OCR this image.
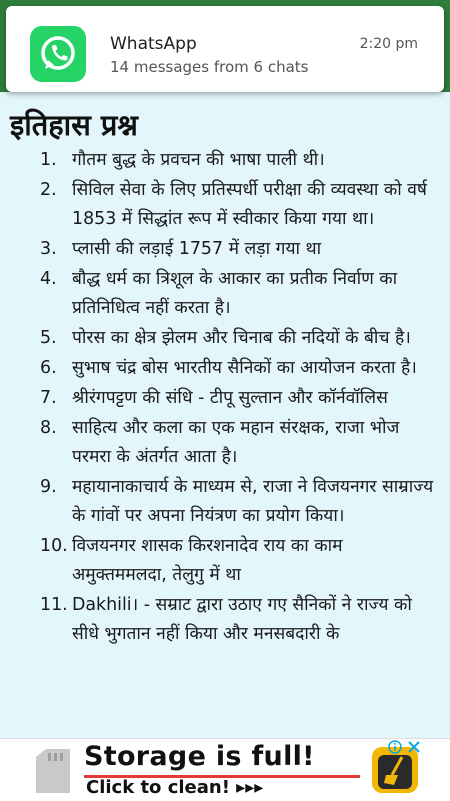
इतिहास प्रश्न
1. गौतम बुद्ध के प्रवचन की भाषा पाली थी।
2. सिविल सेवा के लिए प्रतिस्पर्धी परीक्षा की व्यवस्था को वर्ष 1853 में सिद्धांत रूप में स्वीकार किया गया था।
3. प्लासी की लड़ाई 1757 में लड़ा गया था
4. बौद्ध धर्म का त्रिशूल के आकार का प्रतीक निर्वाण का प्रतिनिधित्व नहीं करता है।
5. पोरस का क्षेत्र झेलम और चिनाब की नदियों के बीच है।
6. सुभाष चंद्र बोस भारतीय सैनिकों का आयोजन करता है।
7. श्रीरंगपट्टण की संधि - टीपू सुल्तान और कॉर्नवॉलिस
8. साहित्य और कला का एक महान संरक्षक, राजा भोज परमरा के अंतर्गत आता है।
9. महायानाकाचार्य के माध्यम से, राजा ने विजयनगर साम्राज्य के गांवों पर अपना नियंत्रण का प्रयोग किया।
10. विजयनगर शासक किरशनादेव राय का काम अमुक्तममलदा, तेलुगु में था
11. Dakhili। - सम्राट द्वारा उठाए गए सैनिकों ने राज्य को सीधे भुगतान नहीं किया और मनसबदारी के
WhatsApp	2:20 pm
14 messages from 6 chats
Storage is full!
Click to clean! ▸▸▸
